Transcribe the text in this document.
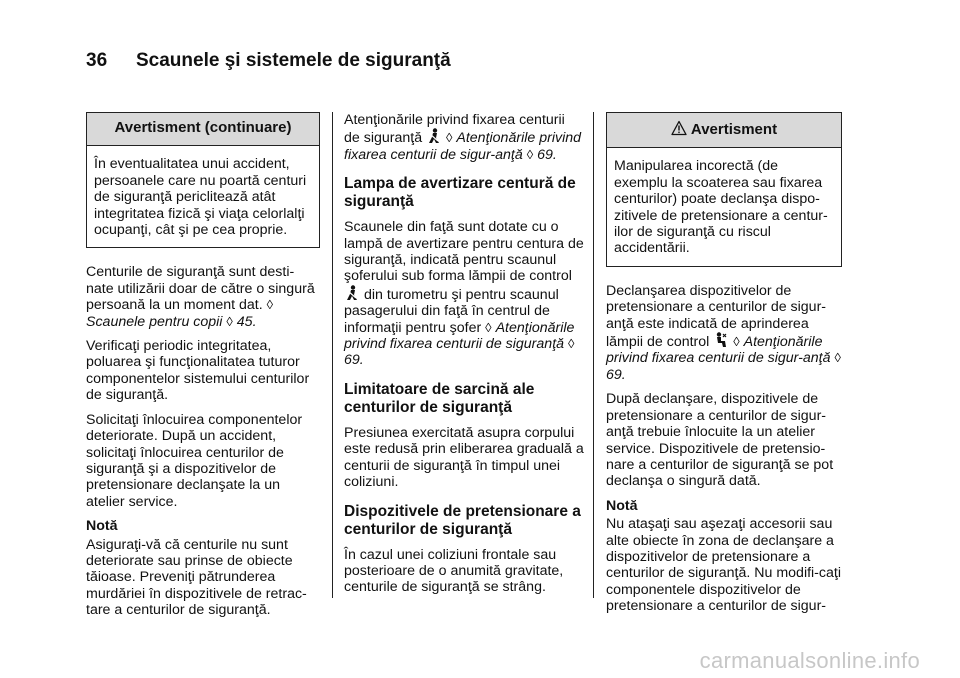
36 Scaunele şi sistemele de siguranţă
Avertisment (continuare)
În eventualitatea unui accident, persoanele care nu poartă centuri de siguranţă periclitează atât integritatea fizică şi viaţa celorlalţi ocupanţi, cât şi pe cea proprie.

Centurile de siguranţă sunt desti-nate utilizării doar de către o singură persoană la un moment dat. ◊
Scaunele pentru copii ◊ 45.

Verificaţi periodic integritatea, poluarea şi funcţionalitatea tuturor componentelor sistemului centurilor de siguranţă.

Solicitaţi înlocuirea componentelor deteriorate. După un accident, solicitaţi înlocuirea centurilor de siguranţă şi a dispozitivelor de pretensionare declanşate la un atelier service.

Notă

Asiguraţi-vă că centurile nu sunt deteriorate sau prinse de obiecte tăioase. Preveniţi pătrunderea murdăriei în dispozitivele de retrac-tare a centurilor de siguranţă.

Atenţionările privind fixarea centurii de siguranţă ◊ Atenţionările privind fixarea centurii de sigur-anţă ◊ 69.

Lampa de avertizare centură de siguranţă

Scaunele din faţă sunt dotate cu o lampă de avertizare pentru centura de siguranţă, indicată pentru scaunul şoferului sub forma lămpii de control  din turometru şi pentru scaunul pasagerului din faţă în centrul de informaţii pentru şofer ◊ Atenţionările privind fixarea centurii de siguranţă ◊ 69.

Limitatoare de sarcină ale centurilor de siguranţă

Presiunea exercitată asupra corpului este redusă prin eliberarea graduală a centurii de siguranţă în timpul unei coliziuni.

Dispozitivele de pretensionare a centurilor de siguranţă

În cazul unei coliziuni frontale sau posterioare de o anumită gravitate, centurile de siguranţă se strâng.

Avertisment
Manipularea incorectă (de exemplu la scoaterea sau fixarea centurilor) poate declanşa dispo-zitivele de pretensionare a centur-ilor de siguranţă cu riscul accidentării.

Declanşarea dispozitivelor de pretensionare a centurilor de sigur-anţă este indicată de aprinderea lămpii de control ◊ Atenţionările privind fixarea centurii de sigur-anţă ◊ 69.

După declanşare, dispozitivele de pretensionare a centurilor de sigur-anţă trebuie înlocuite la un atelier service. Dispozitivele de pretensio-nare a centurilor de siguranţă se pot declanşa o singură dată.

Notă

Nu ataşaţi sau aşezaţi accesorii sau alte obiecte în zona de declanşare a dispozitivelor de pretensionare a centurilor de siguranţă. Nu modifi-caţi componentele dispozitivelor de pretensionare a centurilor de sigur-

carmanualsonline.info
